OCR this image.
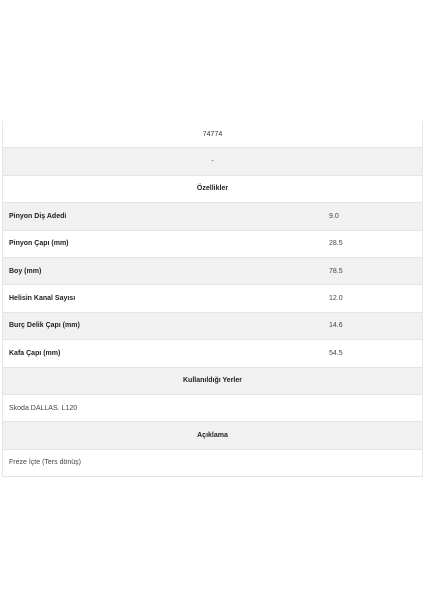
74774
-
Özellikler
Pinyon Diş Adedi	9.0
Pinyon Çapı (mm)	28.5
Boy (mm)	78.5
Helisin Kanal Sayısı	12.0
Burç Delik Çapı (mm)	14.6
Kafa Çapı (mm)	54.5
Kullanıldığı Yerler
Skoda DALLAS. L120
Açıklama
Freze İçte (Ters dönüş)
